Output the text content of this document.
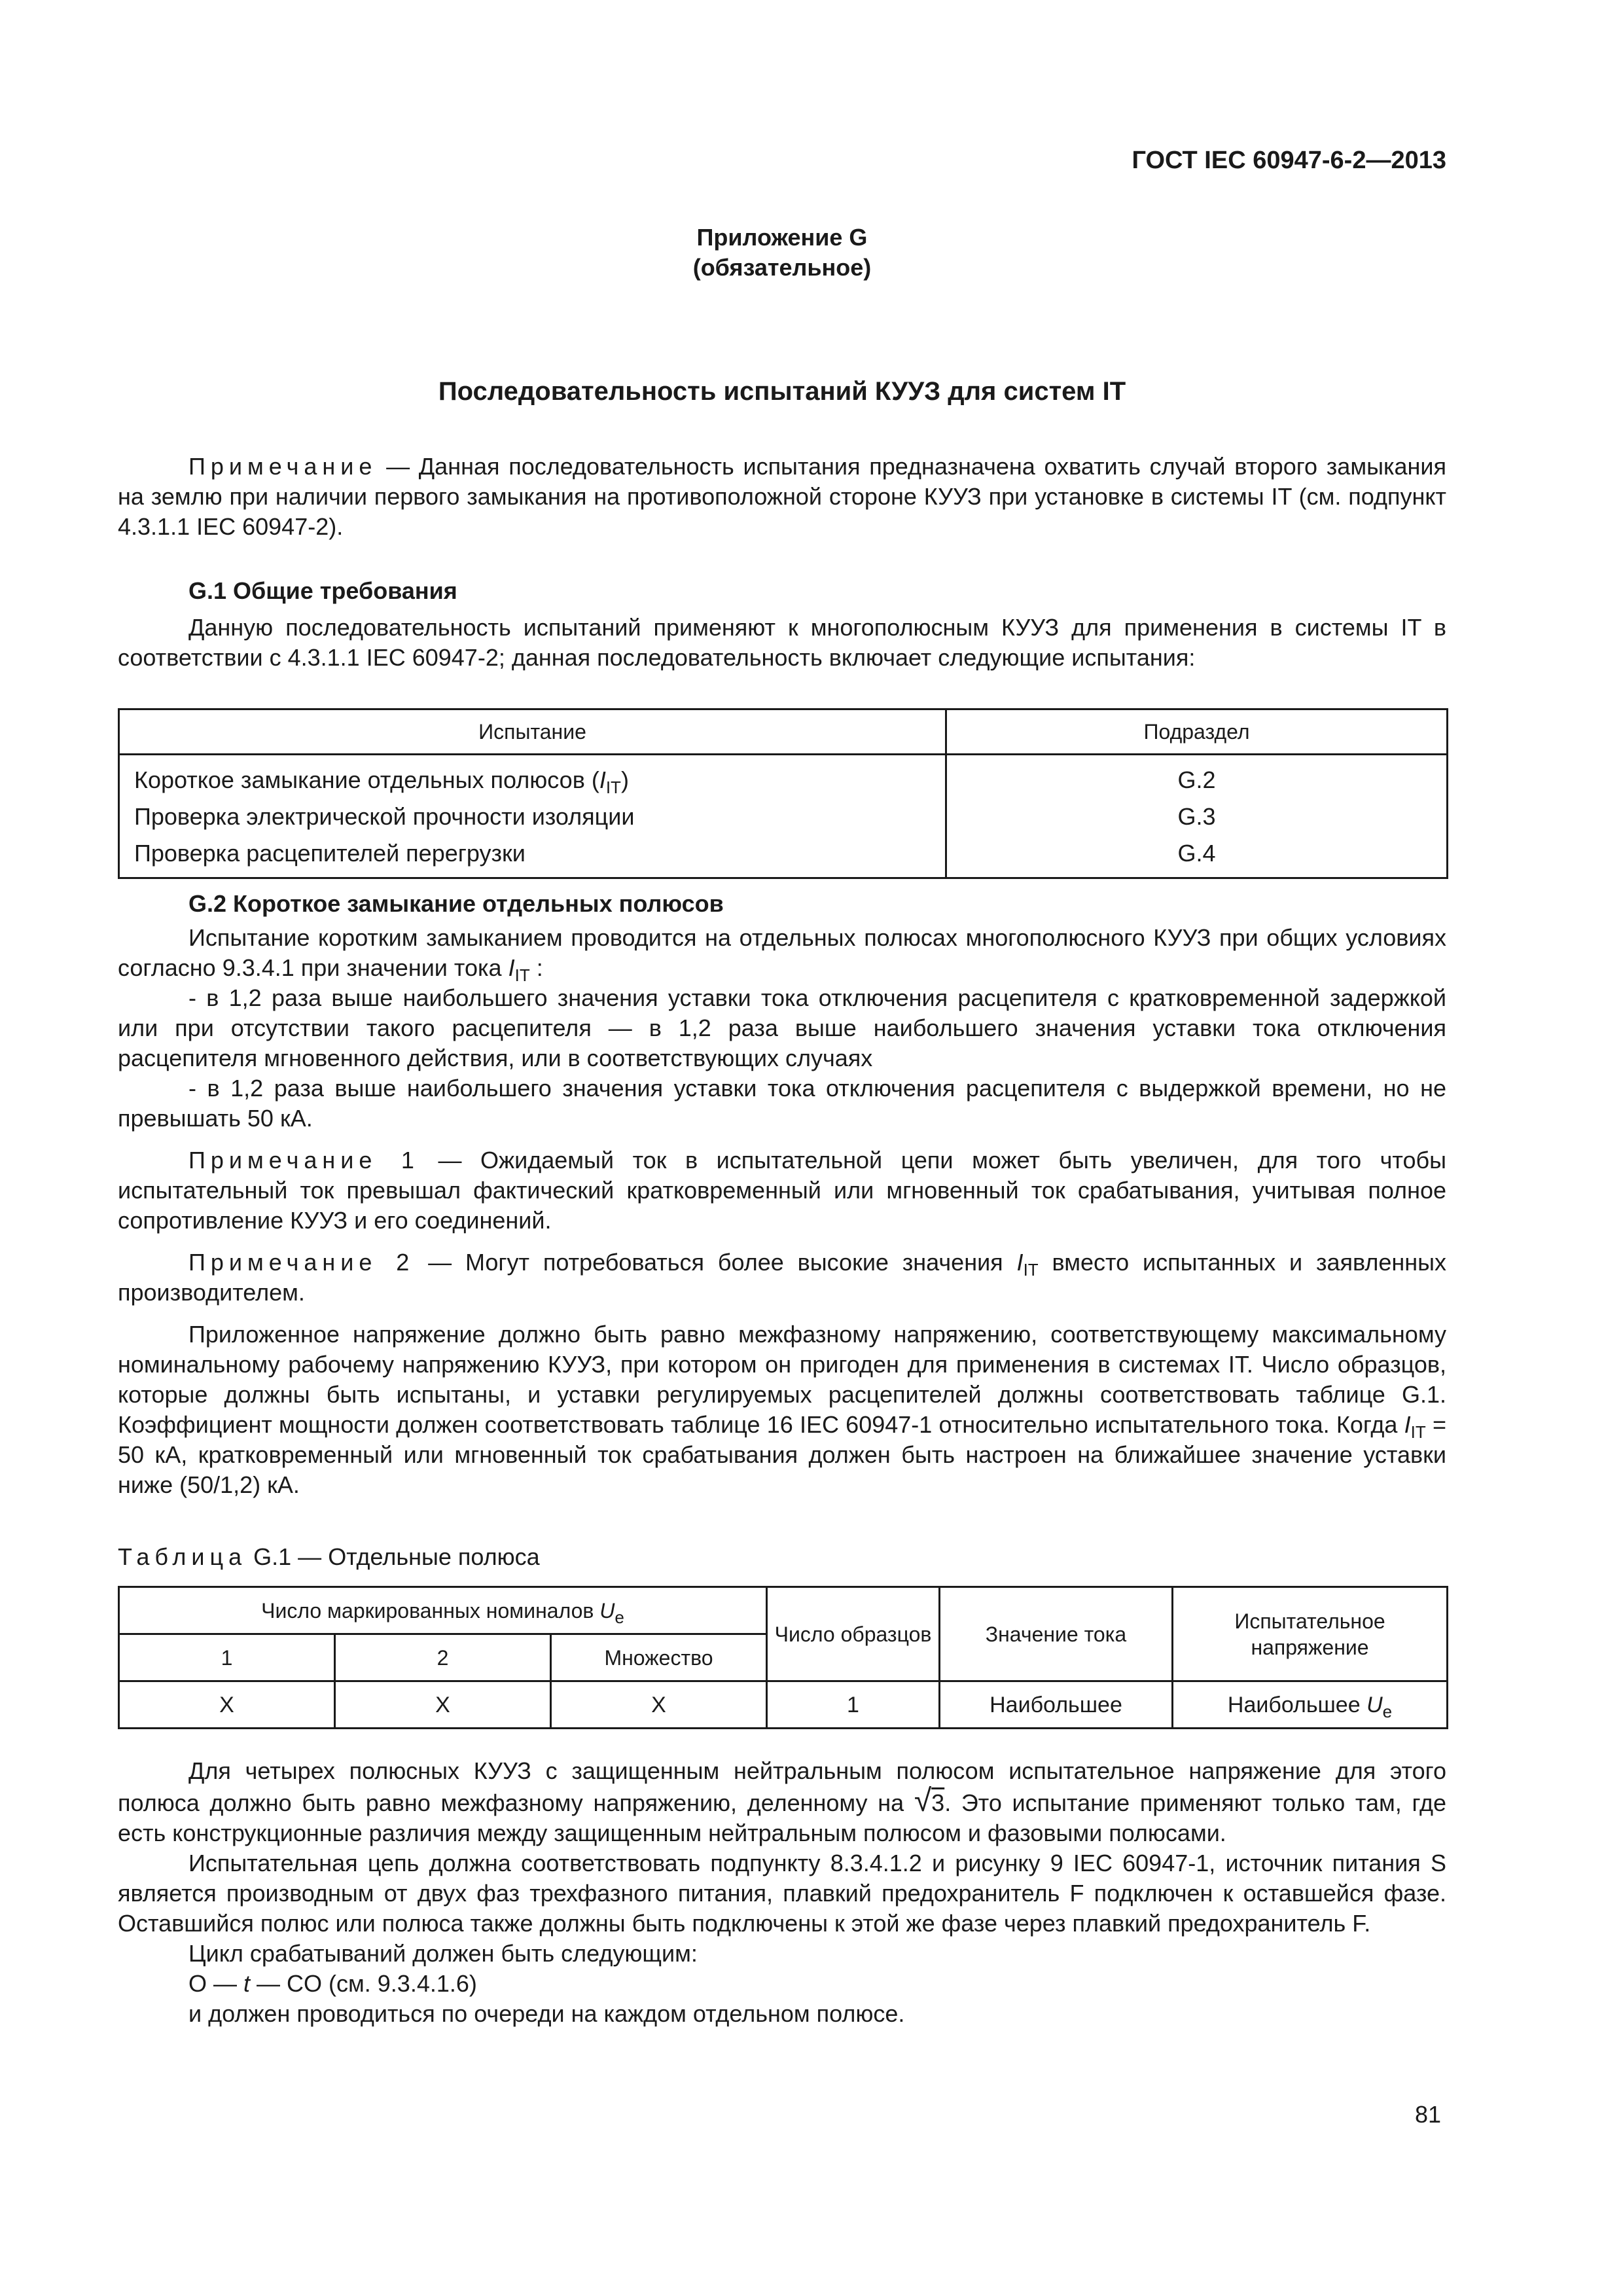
ГОСТ IEC 60947-6-2—2013
Приложение G
(обязательное)
Последовательность испытаний КУУЗ для систем IT

Примечание — Данная последовательность испытания предназначена охватить случай второго замыкания на землю при наличии первого замыкания на противоположной стороне КУУЗ при установке в системы IT (см. подпункт 4.3.1.1 IEC 60947-2).

G.1 Общие требования

Данную последовательность испытаний применяют к многополюсным КУУЗ для применения в системы IT в соответствии с 4.3.1.1 IEC 60947-2; данная последовательность включает следующие испытания:

Испытание	Подраздел
Короткое замыкание отдельных полюсов $(I_{IT})$	G.2
Проверка электрической прочности изоляции	G.3
Проверка расцепителей перегрузки	G.4
G.2 Короткое замыкание отдельных полюсов

Испытание коротким замыканием проводится на отдельных полюсах многополюсного КУУЗ при общих условиях согласно 9.3.4.1 при значении тока $I_{IT}$ :

- в 1,2 раза выше наибольшего значения уставки тока отключения расцепителя с кратковременной задержкой или при отсутствии такого расцепителя — в 1,2 раза выше наибольшего значения уставки тока отключения расцепителя мгновенного действия, или в соответствующих случаях

- в 1,2 раза выше наибольшего значения уставки тока отключения расцепителя с выдержкой времени, но не превышать 50 кА.

Примечание 1 — Ожидаемый ток в испытательной цепи может быть увеличен, для того чтобы испытательный ток превышал фактический кратковременный или мгновенный ток срабатывания, учитывая полное сопротивление КУУЗ и его соединений.

Примечание 2 — Могут потребоваться более высокие значения $I_{IT}$ вместо испытанных и заявленных производителем.

Приложенное напряжение должно быть равно межфазному напряжению, соответствующему максимальному номинальному рабочему напряжению КУУЗ, при котором он пригоден для применения в системах IT. Число образцов, которые должны быть испытаны, и уставки регулируемых расцепителей должны соответствовать таблице G.1. Коэффициент мощности должен соответствовать таблице 16 IEC 60947-1 относительно испытательного тока. Когда $I_{IT} = 50$ кА, кратковременный или мгновенный ток срабатывания должен быть настроен на ближайшее значение уставки ниже (50/1,2) кА.

Таблица G.1 — Отдельные полюса
Число маркированных номиналов $U_e$			Число образцов	Значение тока	Испытательное напряжение
1	2	Множество			
X	X	X	1	Наибольшее	Наибольшее $U_e$

Для четырех полюсных КУУЗ с защищенным нейтральным полюсом испытательное напряжение для этого полюса должно быть равно межфазному напряжению, деленному на √3. Это испытание применяют только там, где есть конструкционные различия между защищенным нейтральным полюсом и фазовыми полюсами.

Испытательная цепь должна соответствовать подпункту 8.3.4.1.2 и рисунку 9 IEC 60947-1, источник питания S является производным от двух фаз трехфазного питания, плавкий предохранитель F подключен к оставшейся фазе. Оставшийся полюс или полюса также должны быть подключены к этой же фазе через плавкий предохранитель F.

Цикл срабатываний должен быть следующим:

O — t — CO (см. 9.3.4.1.6)

и должен проводиться по очереди на каждом отдельном полюсе.

81
